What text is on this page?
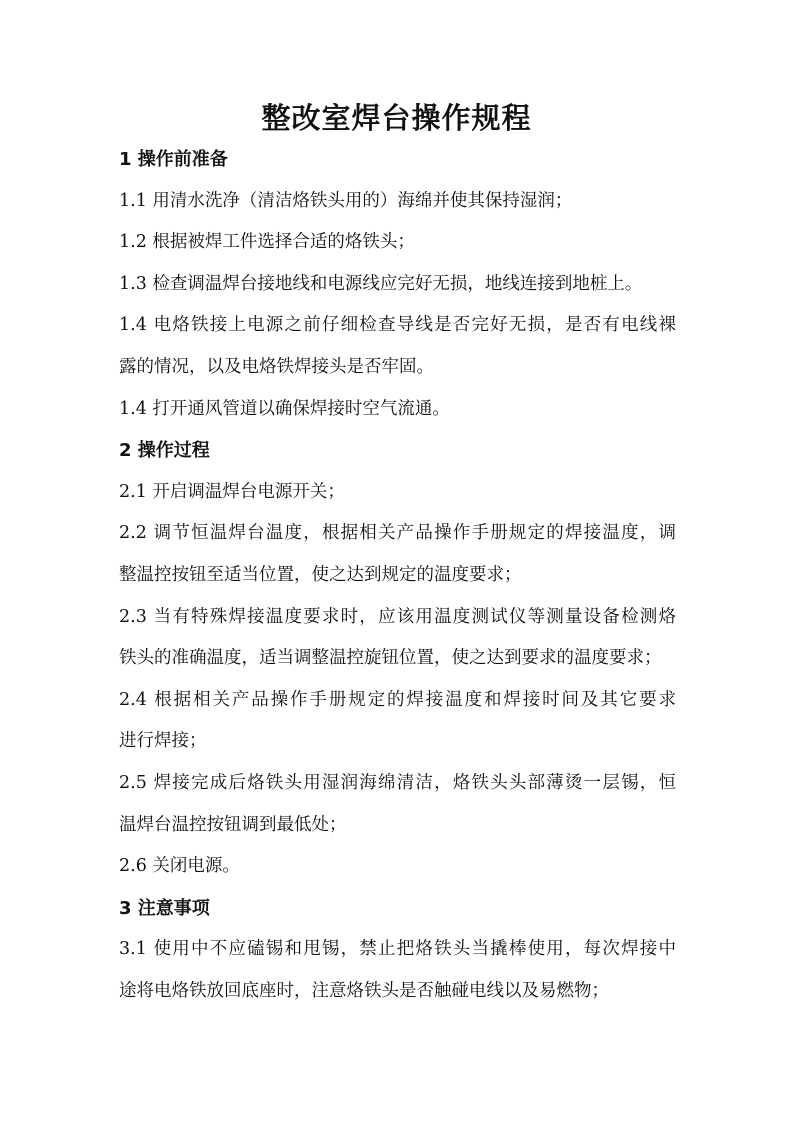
整改室焊台操作规程
1 操作前准备
1.1 用清水洗净（清洁烙铁头用的）海绵并使其保持湿润；
1.2 根据被焊工件选择合适的烙铁头；
1.3 检查调温焊台接地线和电源线应完好无损，地线连接到地桩上。
1.4 电烙铁接上电源之前仔细检查导线是否完好无损，是否有电线裸
露的情况，以及电烙铁焊接头是否牢固。
1.4 打开通风管道以确保焊接时空气流通。
2 操作过程
2.1 开启调温焊台电源开关；
2.2 调节恒温焊台温度，根据相关产品操作手册规定的焊接温度，调
整温控按钮至适当位置，使之达到规定的温度要求；
2.3 当有特殊焊接温度要求时，应该用温度测试仪等测量设备检测烙
铁头的准确温度，适当调整温控旋钮位置，使之达到要求的温度要求；
2.4 根据相关产品操作手册规定的焊接温度和焊接时间及其它要求
进行焊接；
2.5 焊接完成后烙铁头用湿润海绵清洁，烙铁头头部薄烫一层锡，恒
温焊台温控按钮调到最低处；
2.6 关闭电源。
3 注意事项
3.1 使用中不应磕锡和甩锡，禁止把烙铁头当撬棒使用，每次焊接中
途将电烙铁放回底座时，注意烙铁头是否触碰电线以及易燃物；
